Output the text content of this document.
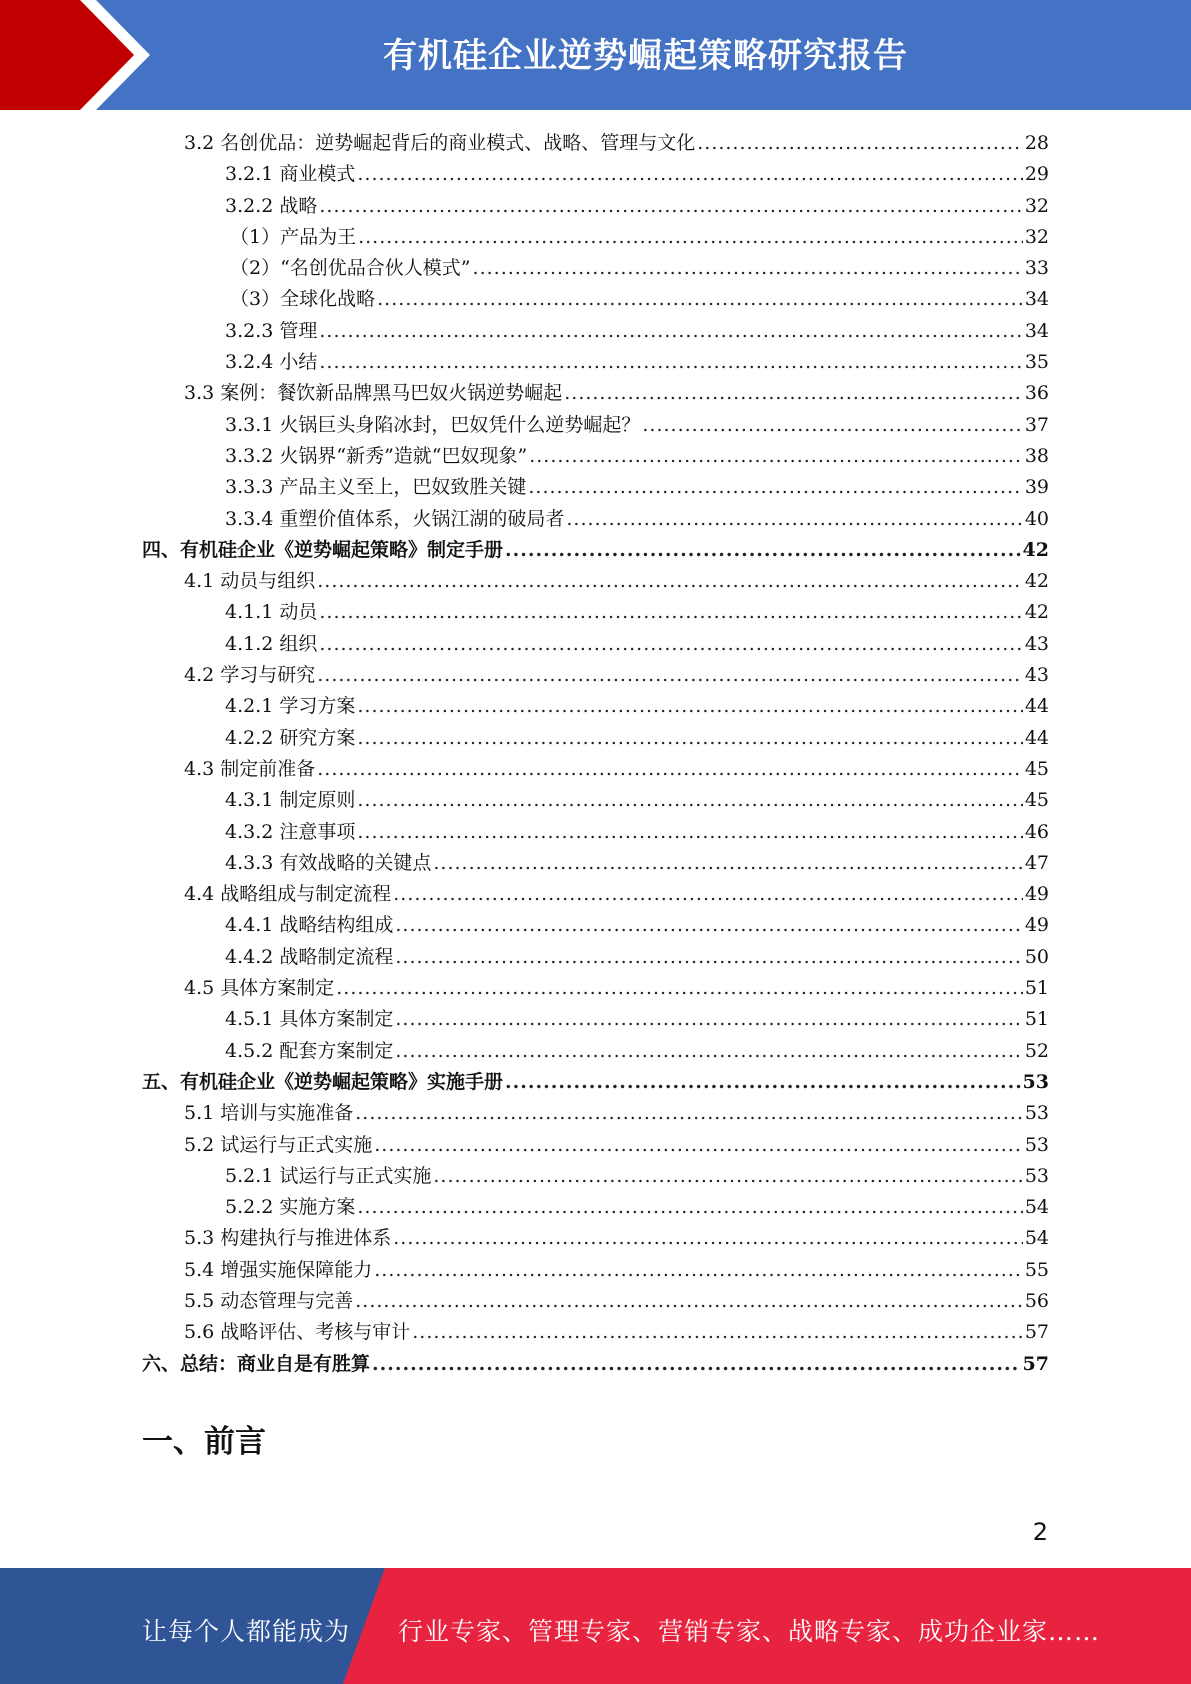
有机硅企业逆势崛起策略研究报告
3.2 名创优品：逆势崛起背后的商业模式、战略、管理与文化 .....	28
3.2.1 商业模式 .....	29
3.2.2 战略 .....	32
（1）产品为王 .....	32
（2）“名创优品合伙人模式” .....	33
（3）全球化战略 .....	34
3.2.3 管理 .....	34
3.2.4 小结 .....	35
3.3 案例：餐饮新品牌黑马巴奴火锅逆势崛起 .....	36
3.3.1 火锅巨头身陷冰封，巴奴凭什么逆势崛起？ .....	37
3.3.2 火锅界“新秀”造就“巴奴现象” .....	38
3.3.3 产品主义至上，巴奴致胜关键 .....	39
3.3.4 重塑价值体系，火锅江湖的破局者 .....	40
四、有机硅企业《逆势崛起策略》制定手册 .....	42
4.1 动员与组织 .....	42
4.1.1 动员 .....	42
4.1.2 组织 .....	43
4.2 学习与研究 .....	43
4.2.1 学习方案 .....	44
4.2.2 研究方案 .....	44
4.3 制定前准备 .....	45
4.3.1 制定原则 .....	45
4.3.2 注意事项 .....	46
4.3.3 有效战略的关键点 .....	47
4.4 战略组成与制定流程 .....	49
4.4.1 战略结构组成 .....	49
4.4.2 战略制定流程 .....	50
4.5 具体方案制定 .....	51
4.5.1 具体方案制定 .....	51
4.5.2 配套方案制定 .....	52
五、有机硅企业《逆势崛起策略》实施手册 .....	53
5.1 培训与实施准备 .....	53
5.2 试运行与正式实施 .....	53
5.2.1 试运行与正式实施 .....	53
5.2.2 实施方案 .....	54
5.3 构建执行与推进体系 .....	54
5.4 增强实施保障能力 .....	55
5.5 动态管理与完善 .....	56
5.6 战略评估、考核与审计 .....	57
六、总结：商业自是有胜算 .....	57
一、前言
2
让每个人都能成为 行业专家、管理专家、营销专家、战略专家、成功企业家……
